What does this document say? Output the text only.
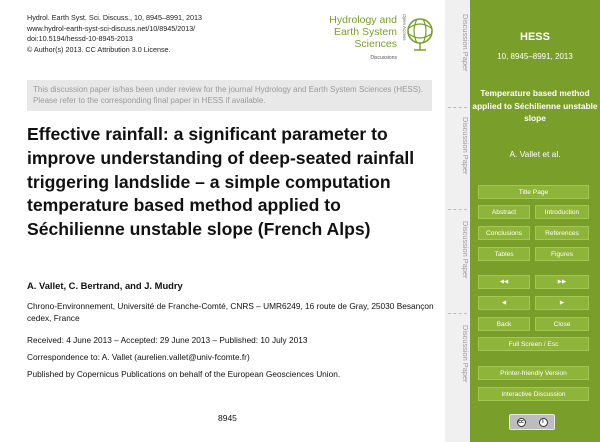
Hydrol. Earth Syst. Sci. Discuss., 10, 8945–8991, 2013
www.hydrol-earth-syst-sci-discuss.net/10/8945/2013/
doi:10.5194/hessd-10-8945-2013
© Author(s) 2013. CC Attribution 3.0 License.
Hydrology and
Earth System
Sciences
Discussions
Open Access
This discussion paper is/has been under review for the journal Hydrology and Earth System Sciences (HESS). Please refer to the corresponding final paper in HESS if available.
Effective rainfall: a significant parameter to improve understanding of deep-seated rainfall triggering landslide – a simple computation temperature based method applied to Séchilienne unstable slope (French Alps)
A. Vallet, C. Bertrand, and J. Mudry
Chrono-Environnement, Université de Franche-Comté, CNRS – UMR6249, 16 route de Gray, 25030 Besançon cedex, France
Received: 4 June 2013 – Accepted: 29 June 2013 – Published: 10 July 2013
Correspondence to: A. Vallet (aurelien.vallet@univ-fcomte.fr)
Published by Copernicus Publications on behalf of the European Geosciences Union.
8945
Discussion Paper
Discussion Paper
Discussion Paper
Discussion Paper
HESS
10, 8945–8991, 2013
Temperature based method applied to Séchilienne unstable slope
A. Vallet et al.
Title Page
Abstract	Introduction
Conclusions	References
Tables	Figures
◀◀	▶▶
◀	▶
Back	Close
Full Screen / Esc
Printer-friendly Version
Interactive Discussion
cc	i
